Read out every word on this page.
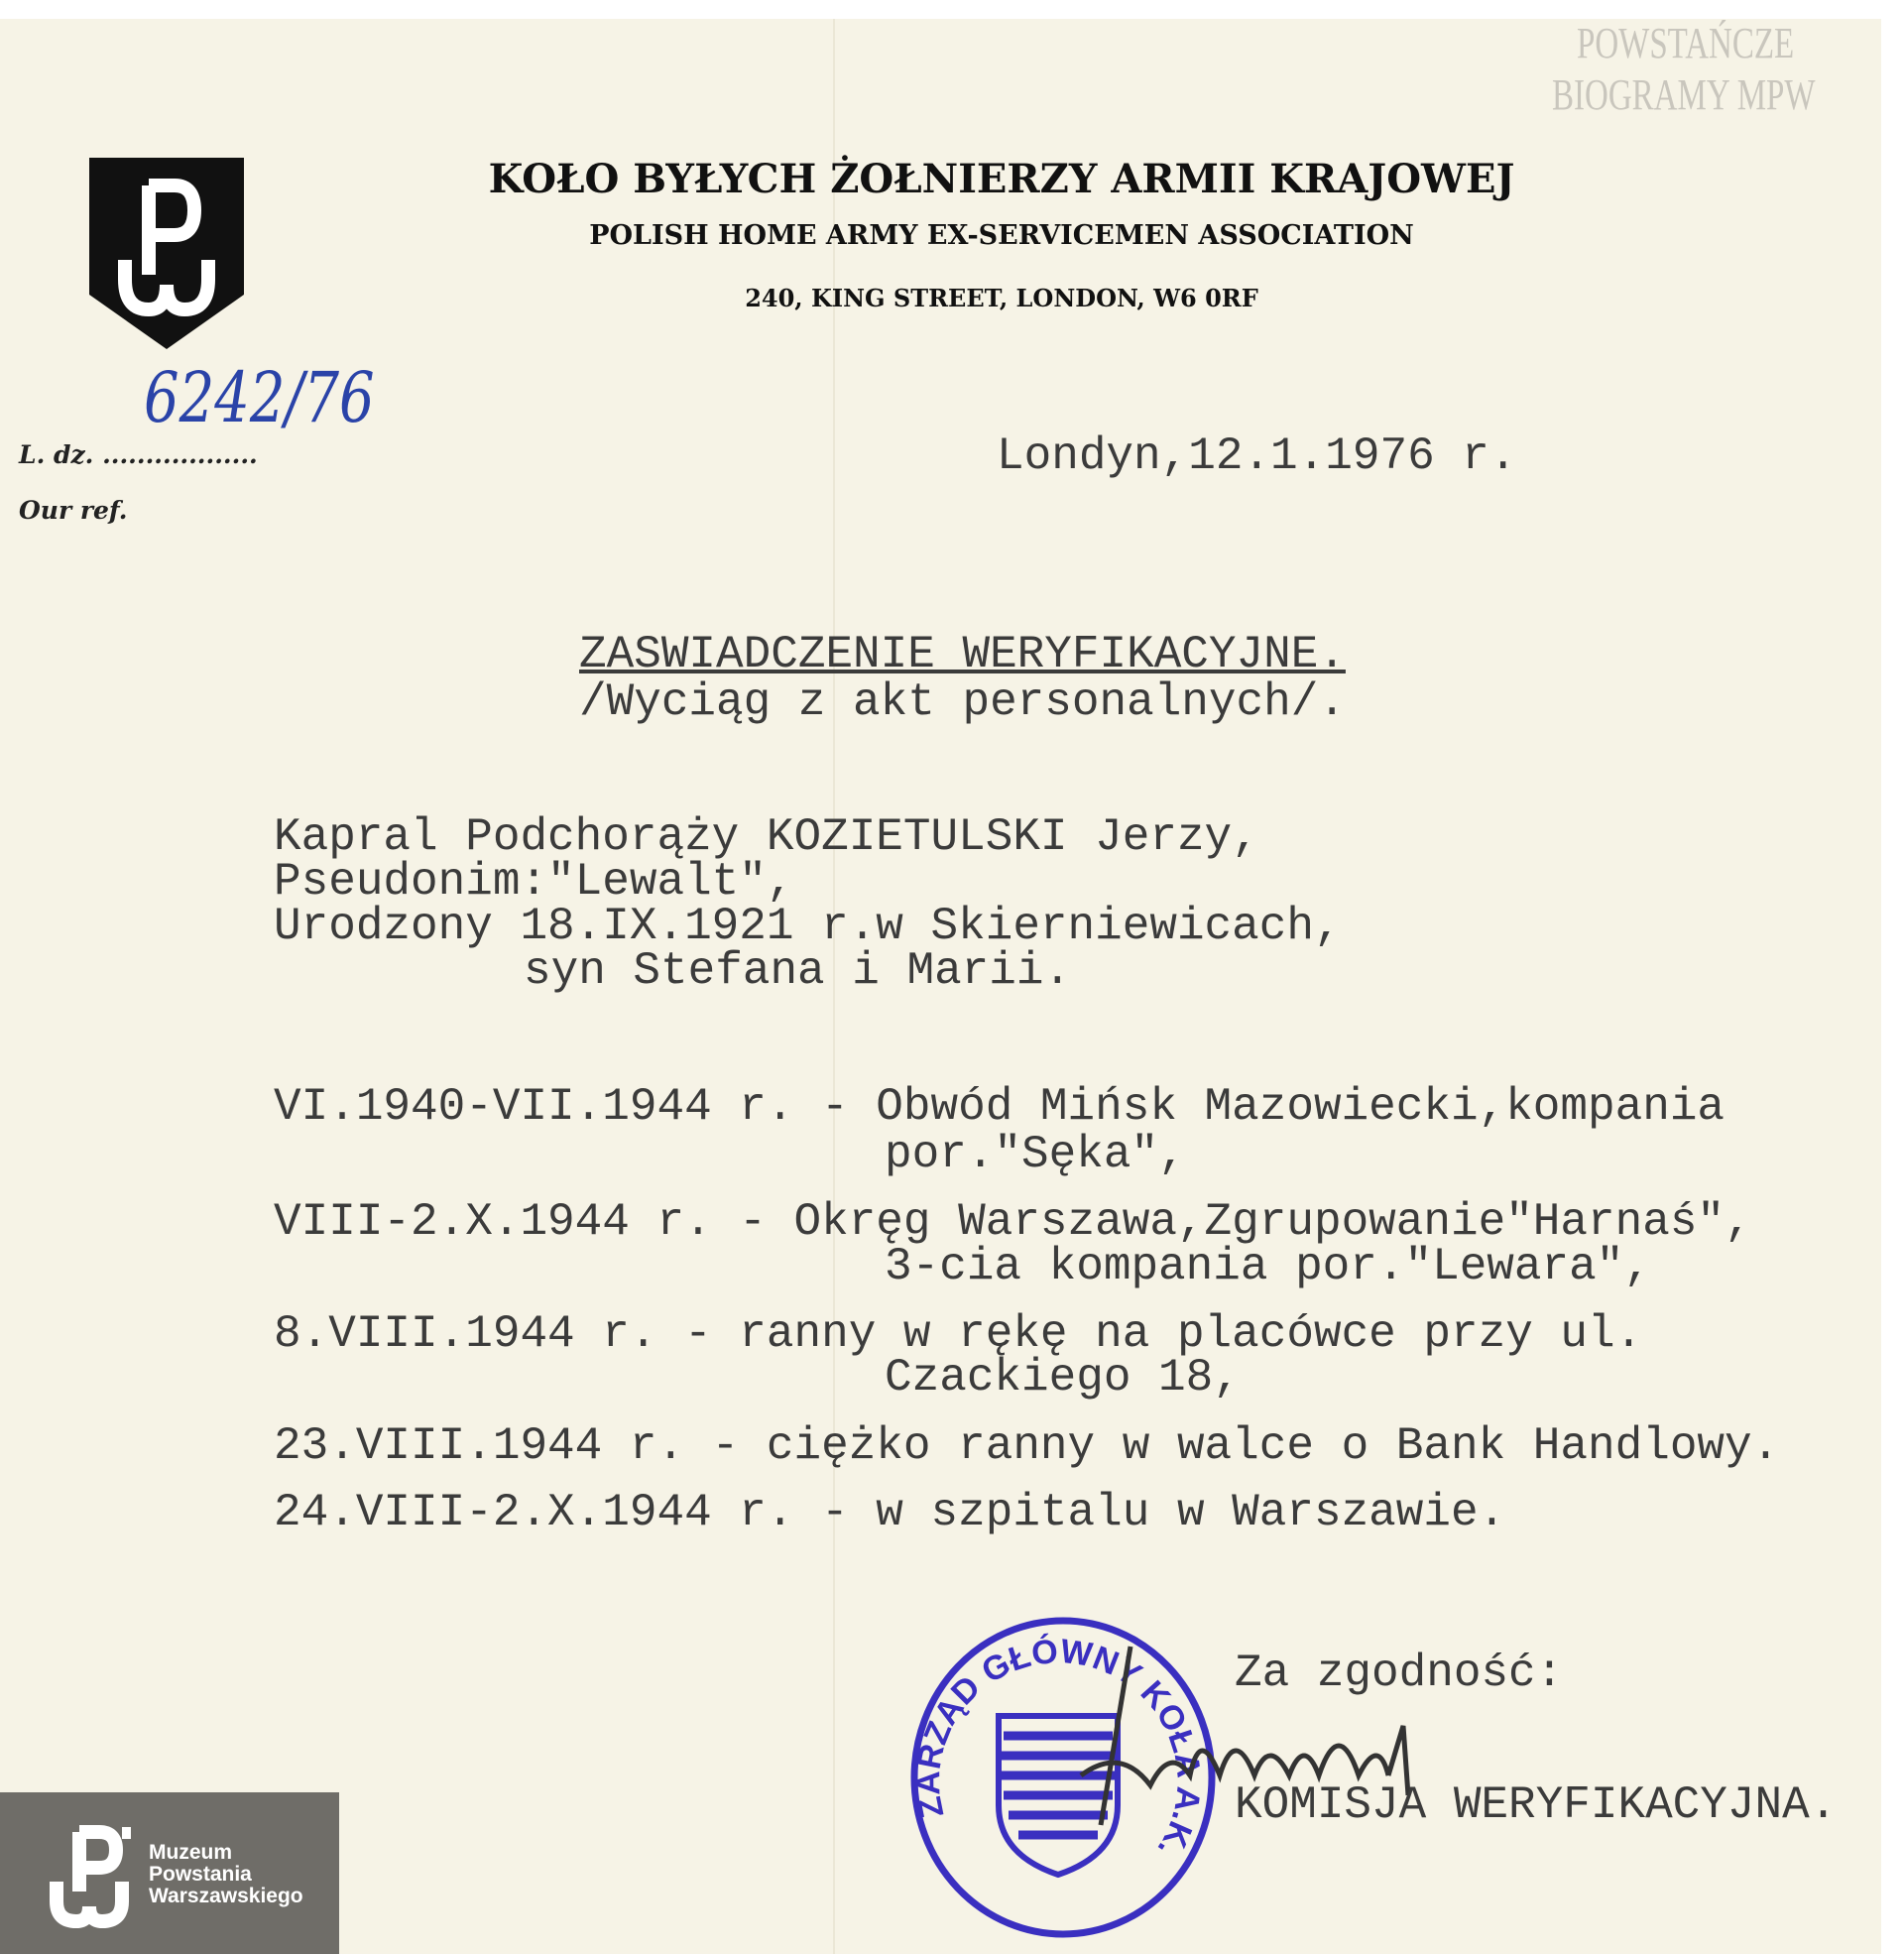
POWSTAŃCZE
BIOGRAMY MPW
KOŁO BYŁYCH ŻOŁNIERZY ARMII KRAJOWEJ
POLISH HOME ARMY EX-SERVICEMEN ASSOCIATION
240, KING STREET, LONDON, W6 0RF
6242/76
L. dz. ..................
Our ref.
Londyn,12.1.1976 r.
ZASWIADCZENIE WERYFIKACYJNE.
/Wyciąg z akt personalnych/.
Kapral Podchorąży KOZIETULSKI Jerzy,
Pseudonim:"Lewalt",
Urodzony 18.IX.1921 r.w Skierniewicach,
syn Stefana i Marii.
VI.1940-VII.1944 r. - Obwód Mińsk Mazowiecki,kompania
por."Sęka",
VIII-2.X.1944 r. - Okręg Warszawa,Zgrupowanie"Harnaś",
3-cia kompania por."Lewara",
8.VIII.1944 r. - ranny w rękę na placówce przy ul.
Czackiego 18,
23.VIII.1944 r. - ciężko ranny w walce o Bank Handlowy.
24.VIII-2.X.1944 r. - w szpitalu w Warszawie.
ZARZĄD GŁÓWNY KOŁA A.K.
Za zgodność:
KOMISJA WERYFIKACYJNA.
Muzeum
Powstania
Warszawskiego
